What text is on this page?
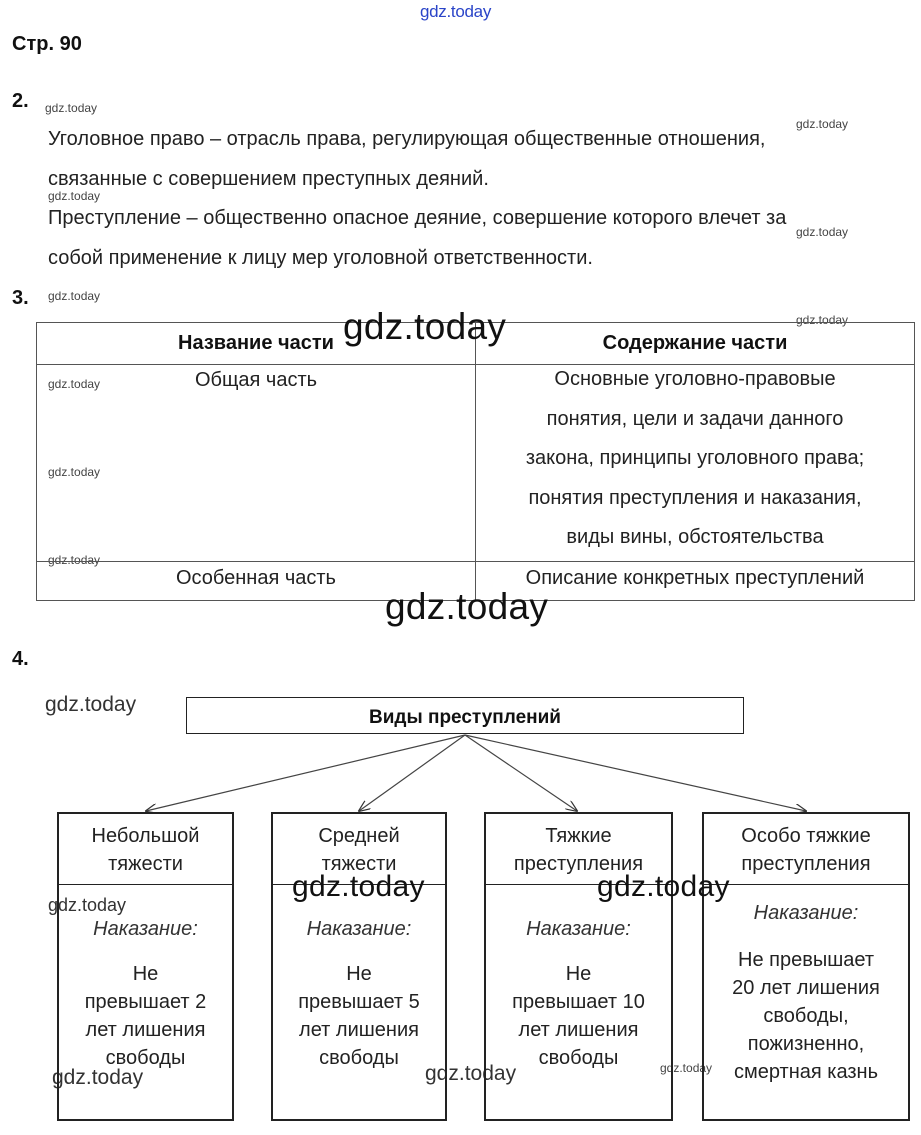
gdz.today
gdz.today
gdz.today
gdz.today
gdz.today
gdz.today
gdz.today
gdz.today
gdz.today
gdz.today
gdz.today
gdz.today
gdz.today
gdz.today	gdz.today
Стр. 90
2.
Уголовное право – отрасль права, регулирующая общественные отношения,
связанные с совершением преступных деяний.
Преступление – общественно опасное деяние, совершение которого влечет за
собой применение к лицу мер уголовной ответственности.
3.
Название части	Содержание части
Общая часть	Основные уголовно-правовые
понятия, цели и задачи данного
закона, принципы уголовного права;
понятия преступления и наказания,
виды вины, обстоятельства
Особенная часть	Описание конкретных преступлений
gdz.today
gdz.today
4.
Виды преступлений
Небольшой
тяжести
Наказание:
Не
превышает 2
лет лишения
свободы
Средней
тяжести
Наказание:
Не
превышает 5
лет лишения
свободы
Тяжкие
преступления
Наказание:
Не
превышает 10
лет лишения
свободы
Особо тяжкие
преступления
Наказание:
Не превышает
20 лет лишения
свободы,
пожизненно,
смертная казнь
gdz.today	gdz.today
